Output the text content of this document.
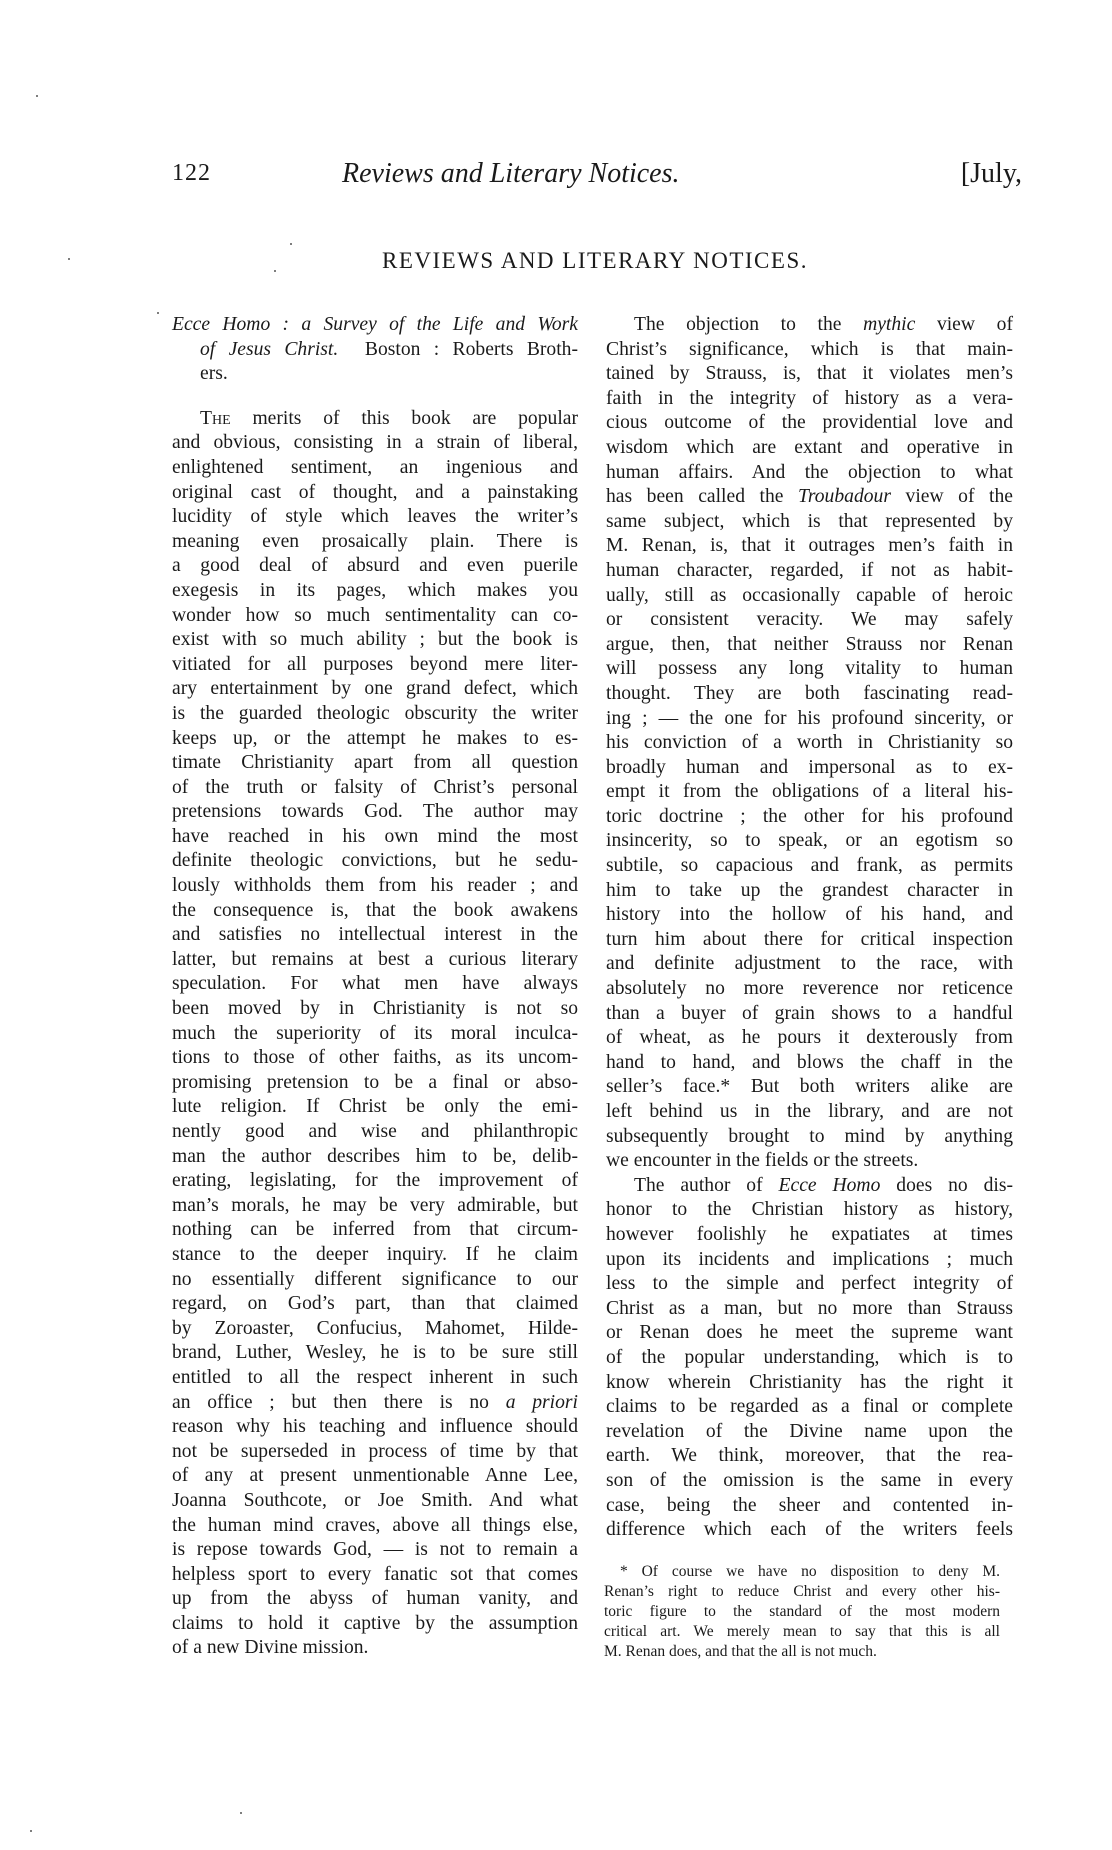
122	Reviews and Literary Notices.	[July,
REVIEWS AND LITERARY NOTICES.
Ecce Homo : a Survey of the Life and Work
of Jesus Christ.  Boston : Roberts Broth-
ers.
The merits of this book are popular
and obvious, consisting in a strain of liberal,
enlightened sentiment, an ingenious and
original cast of thought, and a painstaking
lucidity of style which leaves the writer’s
meaning even prosaically plain. There is
a good deal of absurd and even puerile
exegesis in its pages, which makes you
wonder how so much sentimentality can co-
exist with so much ability ; but the book is
vitiated for all purposes beyond mere liter-
ary entertainment by one grand defect, which
is the guarded theologic obscurity the writer
keeps up, or the attempt he makes to es-
timate Christianity apart from all question
of the truth or falsity of Christ’s personal
pretensions towards God. The author may
have reached in his own mind the most
definite theologic convictions, but he sedu-
lously withholds them from his reader ; and
the consequence is, that the book awakens
and satisfies no intellectual interest in the
latter, but remains at best a curious literary
speculation. For what men have always
been moved by in Christianity is not so
much the superiority of its moral inculca-
tions to those of other faiths, as its uncom-
promising pretension to be a final or abso-
lute religion. If Christ be only the emi-
nently good and wise and philanthropic
man the author describes him to be, delib-
erating, legislating, for the improvement of
man’s morals, he may be very admirable, but
nothing can be inferred from that circum-
stance to the deeper inquiry. If he claim
no essentially different significance to our
regard, on God’s part, than that claimed
by Zoroaster, Confucius, Mahomet, Hilde-
brand, Luther, Wesley, he is to be sure still
entitled to all the respect inherent in such
an office ; but then there is no a priori
reason why his teaching and influence should
not be superseded in process of time by that
of any at present unmentionable Anne Lee,
Joanna Southcote, or Joe Smith. And what
the human mind craves, above all things else,
is repose towards God, — is not to remain a
helpless sport to every fanatic sot that comes
up from the abyss of human vanity, and
claims to hold it captive by the assumption
of a new Divine mission.
The objection to the mythic view of
Christ’s significance, which is that main-
tained by Strauss, is, that it violates men’s
faith in the integrity of history as a vera-
cious outcome of the providential love and
wisdom which are extant and operative in
human affairs. And the objection to what
has been called the Troubadour view of the
same subject, which is that represented by
M. Renan, is, that it outrages men’s faith in
human character, regarded, if not as habit-
ually, still as occasionally capable of heroic
or consistent veracity. We may safely
argue, then, that neither Strauss nor Renan
will possess any long vitality to human
thought. They are both fascinating read-
ing ; — the one for his profound sincerity, or
his conviction of a worth in Christianity so
broadly human and impersonal as to ex-
empt it from the obligations of a literal his-
toric doctrine ; the other for his profound
insincerity, so to speak, or an egotism so
subtile, so capacious and frank, as permits
him to take up the grandest character in
history into the hollow of his hand, and
turn him about there for critical inspection
and definite adjustment to the race, with
absolutely no more reverence nor reticence
than a buyer of grain shows to a handful
of wheat, as he pours it dexterously from
hand to hand, and blows the chaff in the
seller’s face.* But both writers alike are
left behind us in the library, and are not
subsequently brought to mind by anything
we encounter in the fields or the streets.
The author of Ecce Homo does no dis-
honor to the Christian history as history,
however foolishly he expatiates at times
upon its incidents and implications ; much
less to the simple and perfect integrity of
Christ as a man, but no more than Strauss
or Renan does he meet the supreme want
of the popular understanding, which is to
know wherein Christianity has the right it
claims to be regarded as a final or complete
revelation of the Divine name upon the
earth. We think, moreover, that the rea-
son of the omission is the same in every
case, being the sheer and contented in-
difference which each of the writers feels
* Of course we have no disposition to deny M.
Renan’s right to reduce Christ and every other his-
toric figure to the standard of the most modern
critical art. We merely mean to say that this is all
M. Renan does, and that the all is not much.
